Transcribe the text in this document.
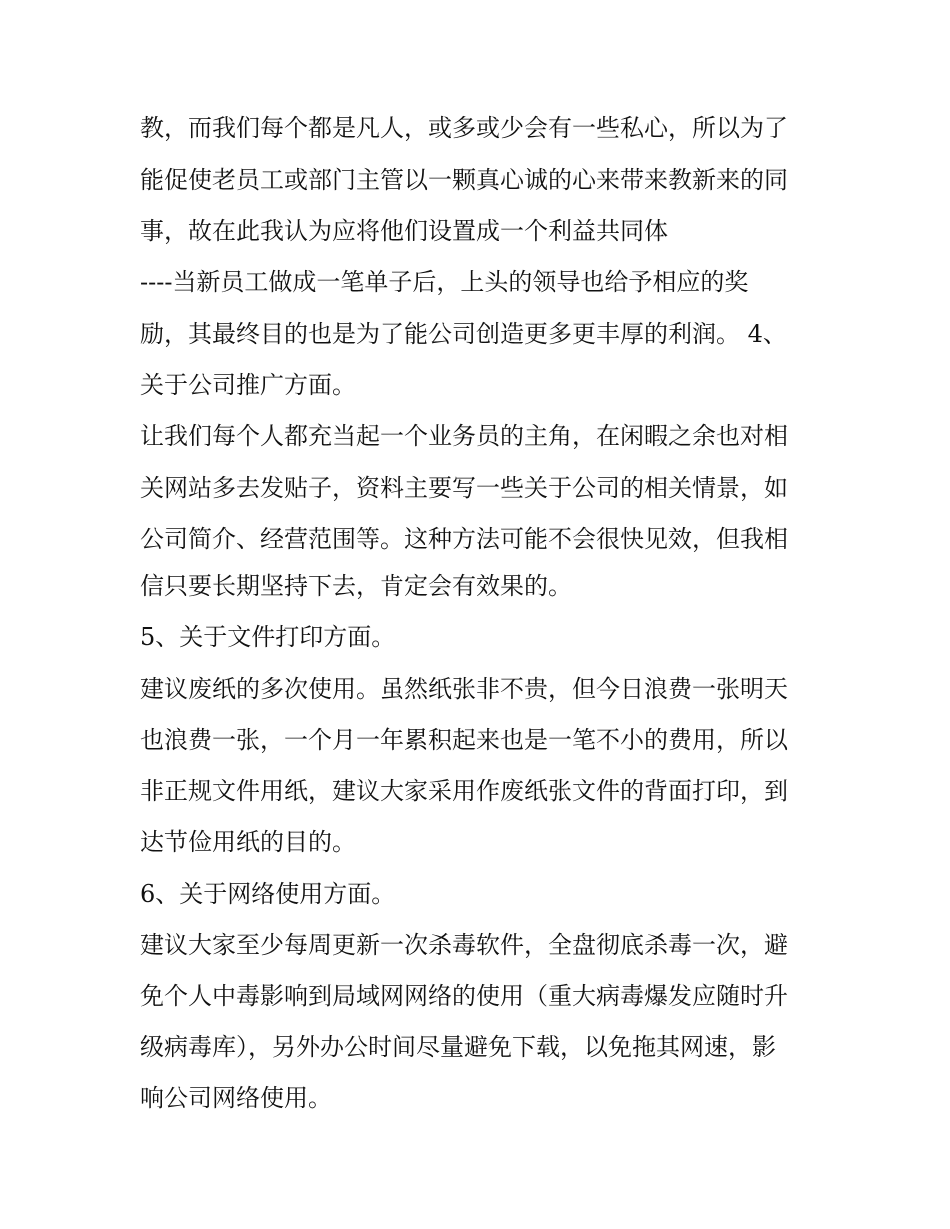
教，而我们每个都是凡人，或多或少会有一些私心，所以为了
能促使老员工或部门主管以一颗真心诚的心来带来教新来的同
事，故在此我认为应将他们设置成一个利益共同体
----当新员工做成一笔单子后，上头的领导也给予相应的奖
励，其最终目的也是为了能公司创造更多更丰厚的利润。 4、
关于公司推广方面。
让我们每个人都充当起一个业务员的主角，在闲暇之余也对相
关网站多去发贴子，资料主要写一些关于公司的相关情景，如
公司简介、经营范围等。这种方法可能不会很快见效，但我相
信只要长期坚持下去，肯定会有效果的。
5、关于文件打印方面。
建议废纸的多次使用。虽然纸张非不贵，但今日浪费一张明天
也浪费一张，一个月一年累积起来也是一笔不小的费用，所以
非正规文件用纸，建议大家采用作废纸张文件的背面打印，到
达节俭用纸的目的。
6、关于网络使用方面。
建议大家至少每周更新一次杀毒软件，全盘彻底杀毒一次，避
免个人中毒影响到局域网网络的使用（重大病毒爆发应随时升
级病毒库），另外办公时间尽量避免下载，以免拖其网速，影
响公司网络使用。
